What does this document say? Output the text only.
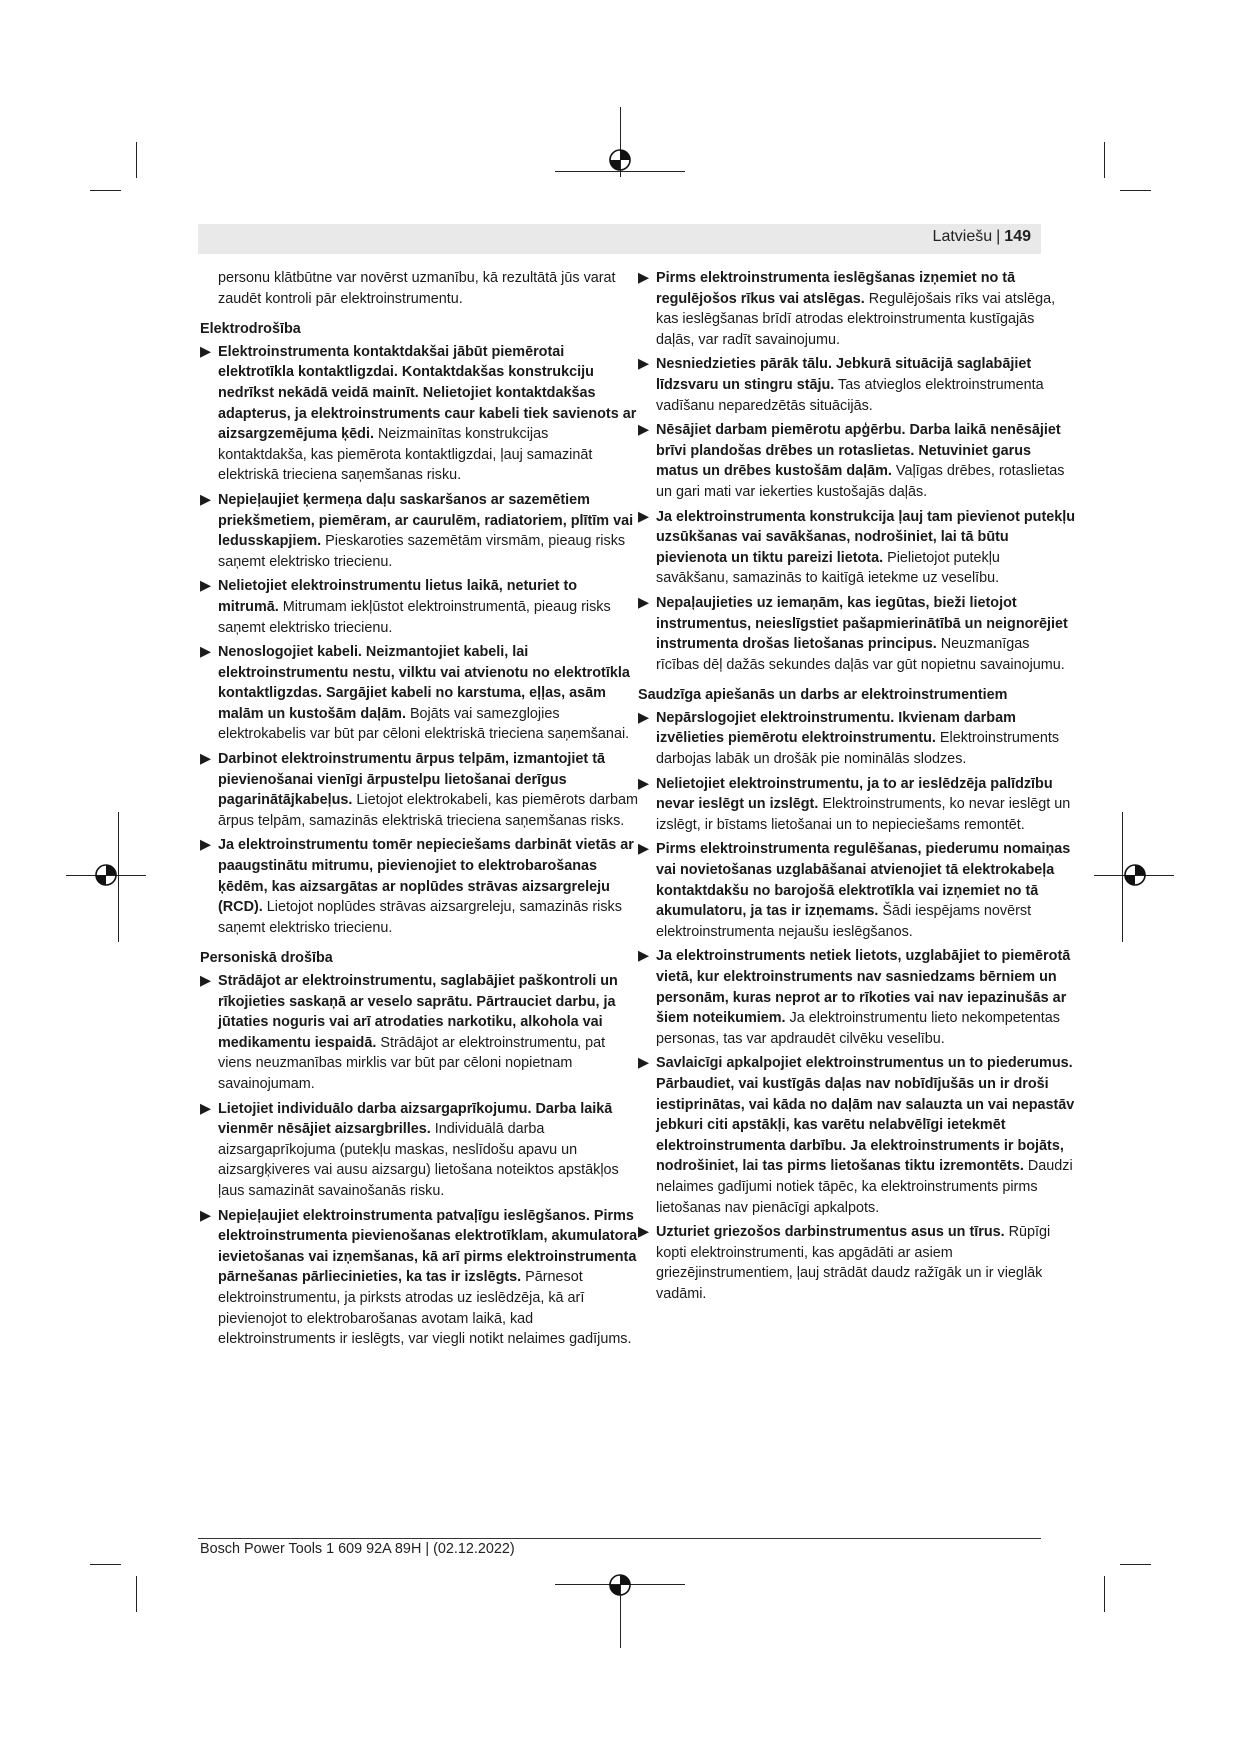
Latviešu | 149
personu klātbūtne var novērst uzmanību, kā rezultātā jūs varat zaudēt kontroli pār elektroinstrumentu.
Elektrodrošība
▶ Elektroinstrumenta kontaktdakšai jābūt piemērotai elektrotīkla kontaktligzdai. Kontaktdakšas konstrukciju nedrīkst nekādā veidā mainīt. Nelietojiet kontaktdakšas adapterus, ja elektroinstruments caur kabeli tiek savienots ar aizsargzemējuma ķēdi. Neizmainītas konstrukcijas kontaktdakša, kas piemērota kontaktligzdai, ļauj samazināt elektriskā trieciena saņemšanas risku.
▶ Nepieļaujiet ķermeņa daļu saskaršanos ar sazemētiem priekšmetiem, piemēram, ar caurulēm, radiatoriem, plītīm vai ledusskapjiem. Pieskaroties sazemētām virsmām, pieaug risks saņemt elektrisko triecienu.
▶ Nelietojiet elektroinstrumentu lietus laikā, neturiet to mitrumā. Mitrumam iekļūstot elektroinstrumentā, pieaug risks saņemt elektrisko triecienu.
▶ Nenoslogojiet kabeli. Neizmantojiet kabeli, lai elektroinstrumentu nestu, vilktu vai atvienotu no elektrotīkla kontaktligzdas. Sargājiet kabeli no karstuma, eļļas, asām malām un kustošām daļām. Bojāts vai samezglojies elektrokabelis var būt par cēloni elektriskā trieciena saņemšanai.
▶ Darbinot elektroinstrumentu ārpus telpām, izmantojiet tā pievienošanai vienīgi ārpustelpu lietošanai derīgus pagarinātājkabeļus. Lietojot elektrokabeli, kas piemērots darbam ārpus telpām, samazinās elektriskā trieciena saņemšanas risks.
▶ Ja elektroinstrumentu tomēr nepieciešams darbināt vietās ar paaugstinātu mitrumu, pievienojiet to elektrobarošanas ķēdēm, kas aizsargātas ar noplūdes strāvas aizsargreleju (RCD). Lietojot noplūdes strāvas aizsargreleju, samazinās risks saņemt elektrisko triecienu.
Personiskā drošība
▶ Strādājot ar elektroinstrumentu, saglabājiet paškontroli un rīkojieties saskaņā ar veselo saprātu. Pārtrauciet darbu, ja jūtaties noguris vai arī atrodaties narkotiku, alkohola vai medikamentu iespaidā. Strādājot ar elektroinstrumentu, pat viens neuzmanības mirklis var būt par cēloni nopietnam savainojumam.
▶ Lietojiet individuālo darba aizsargaprīkojumu. Darba laikā vienmēr nēsājiet aizsargbrilles. Individuālā darba aizsargaprīkojuma (putekļu maskas, neslīdošu apavu un aizsargķiveres vai ausu aizsargu) lietošana noteiktos apstākļos ļaus samazināt savainošanās risku.
▶ Nepieļaujiet elektroinstrumenta patvaļīgu ieslēgšanos. Pirms elektroinstrumenta pievienošanas elektrotīklam, akumulatora ievietošanas vai izņemšanas, kā arī pirms elektroinstrumenta pārnešanas pārliecinieties, ka tas ir izslēgts. Pārnesot elektroinstrumentu, ja pirksts atrodas uz ieslēdzēja, kā arī pievienojot to elektrobarošanas avotam laikā, kad elektroinstruments ir ieslēgts, var viegli notikt nelaimes gadījums.
▶ Pirms elektroinstrumenta ieslēgšanas izņemiet no tā regulējošos rīkus vai atslēgas. Regulējošais rīks vai atslēga, kas ieslēgšanas brīdī atrodas elektroinstrumenta kustīgajās daļās, var radīt savainojumu.
▶ Nesniedzieties pārāk tālu. Jebkurā situācijā saglabājiet līdzsvaru un stingru stāju. Tas atvieglos elektroinstrumenta vadīšanu neparedzētās situācijās.
▶ Nēsājiet darbam piemērotu apģērbu. Darba laikā nenēsājiet brīvi plandošas drēbes un rotaslietas. Netuviniet garus matus un drēbes kustošām daļām. Vaļīgas drēbes, rotaslietas un gari mati var iekerties kustošajās daļās.
▶ Ja elektroinstrumenta konstrukcija ļauj tam pievienot putekļu uzsūkšanas vai savākšanas, nodrošiniet, lai tā būtu pievienota un tiktu pareizi lietota. Pielietojot putekļu savākšanu, samazinās to kaitīgā ietekme uz veselību.
▶ Nepaļaujieties uz iemaņām, kas iegūtas, bieži lietojot instrumentus, neieslīgstiet pašapmierinātībā un neignorējiet instrumenta drošas lietošanas principus. Neuzmanīgas rīcības dēļ dažās sekundes daļās var gūt nopietnu savainojumu.
Saudzīga apiešanās un darbs ar elektroinstrumentiem
▶ Nepārslogojiet elektroinstrumentu. Ikvienam darbam izvēlieties piemērotu elektroinstrumentu. Elektroinstruments darbojas labāk un drošāk pie nominālās slodzes.
▶ Nelietojiet elektroinstrumentu, ja to ar ieslēdzēja palīdzību nevar ieslēgt un izslēgt. Elektroinstruments, ko nevar ieslēgt un izslēgt, ir bīstams lietošanai un to nepieciešams remontēt.
▶ Pirms elektroinstrumenta regulēšanas, piederumu nomaiņas vai novietošanas uzglabāšanai atvienojiet tā elektrokabeļa kontaktdakšu no barojošā elektrotīkla vai izņemiet no tā akumulatoru, ja tas ir izņemams. Šādi iespējams novērst elektroinstrumenta nejaušu ieslēgšanos.
▶ Ja elektroinstruments netiek lietots, uzglabājiet to piemērotā vietā, kur elektroinstruments nav sasniedzams bērniem un personām, kuras neprot ar to rīkoties vai nav iepazinušās ar šiem noteikumiem. Ja elektroinstrumentu lieto nekompetentas personas, tas var apdraudēt cilvēku veselību.
▶ Savlaicīgi apkalpojiet elektroinstrumentus un to piederumus. Pārbaudiet, vai kustīgās daļas nav nobīdījušās un ir droši iestiprinātas, vai kāda no daļām nav salauzta un vai nepastāv jebkuri citi apstākļi, kas varētu nelabvēlīgi ietekmēt elektroinstrumenta darbību. Ja elektroinstruments ir bojāts, nodrošiniet, lai tas pirms lietošanas tiktu izremontēts. Daudzi nelaimes gadījumi notiek tāpēc, ka elektroinstruments pirms lietošanas nav pienācīgi apkalpots.
▶ Uzturiet griezošos darbinstrumentus asus un tīrus. Rūpīgi kopti elektroinstrumenti, kas apgādāti ar asiem griezējinstrumentiem, ļauj strādāt daudz ražīgāk un ir vieglāk vadāmi.
Bosch Power Tools 1 609 92A 89H | (02.12.2022)
